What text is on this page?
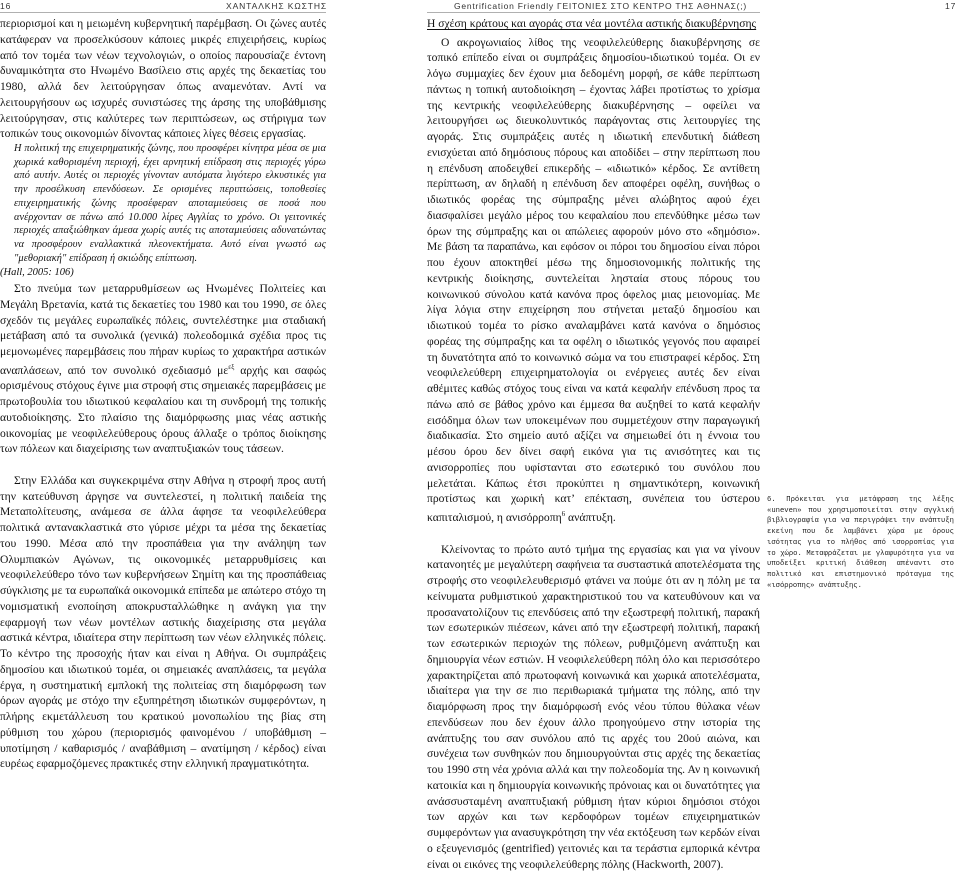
16	ΧΑΝΤΑΛΚΗΣ ΚΩΣΤΗΣ	Gentrification Friendly ΓΕΙΤΟΝΙΕΣ ΣΤΟ ΚΕΝΤΡΟ ΤΗΣ ΑΘΗΝΑΣ(;)	17

περιορισμοί και η μειωμένη κυβερνητική παρέμβαση. Οι ζώνες αυτές κατάφεραν να προσελκύσουν κάποιες μικρές επιχειρήσεις, κυρίως από τον τομέα των νέων τεχνολογιών, ο οποίος παρουσίαζε έντονη δυναμικότητα στο Ηνωμένο Βασίλειο στις αρχές της δεκαετίας του 1980, αλλά δεν λειτούργησαν όπως αναμενόταν. Αντί να λειτουργήσουν ως ισχυρές συνιστώσες της άρσης της υποβάθμισης λειτούργησαν, στις καλύτερες των περιπτώσεων, ως στήριγμα των τοπικών τους οικονομιών δίνοντας κάποιες λίγες θέσεις εργασίας.

Η πολιτική της επιχειρηματικής ζώνης, που προσφέρει κίνητρα μέσα σε μια χωρικά καθορισμένη περιοχή, έχει αρνητική επίδραση στις περιοχές γύρω από αυτήν. Αυτές οι περιοχές γίνονταν αυτόματα λιγότερο ελκυστικές για την προσέλκυση επενδύσεων. Σε ορισμένες περιπτώσεις, τοποθεσίες επιχειρηματικής ζώνης προσέφεραν αποταμιεύσεις σε ποσά που ανέρχονταν σε πάνω από 10.000 λίρες Αγγλίας το χρόνο. Οι γειτονικές περιοχές απαξιώθηκαν άμεσα χωρίς αυτές τις αποταμιεύσεις αδυνατώντας να προσφέρουν εναλλακτικά πλεονεκτήματα. Αυτό είναι γνωστό ως "μεθοριακή" επίδραση ή σκιώδης επίπτωση.

(Hall, 2005: 106)

Στο πνεύμα των μεταρρυθμίσεων ως Ηνωμένες Πολιτείες και Μεγάλη Βρετανία, κατά τις δεκαετίες του 1980 και του 1990, σε όλες σχεδόν τις μεγάλες ευρωπαϊκές πόλεις, συντελέστηκε μια σταδιακή μετάβαση από τα συνολικά (γενικά) πολεοδομικά σχέδια προς τις μεμονωμένες παρεμβάσεις που πήραν κυρίως το χαρακτήρα αστικών αναπλάσεων, από τον συνολικό σχεδιασμό $\mu\varepsilon^{\varepsilon\xi}$ αρχής και σαφώς ορισμένους στόχους έγινε μια στροφή στις σημειακές παρεμβάσεις με πρωτοβουλία του ιδιωτικού κεφαλαίου και τη συνδρομή της τοπικής αυτοδιοίκησης. Στο πλαίσιο της διαμόρφωσης μιας νέας αστικής οικονομίας με νεοφιλελεύθερους όρους άλλαξε ο τρόπος διοίκησης των πόλεων και διαχείρισης των αναπτυξιακών τους τάσεων.

Στην Ελλάδα και συγκεκριμένα στην Αθήνα η στροφή προς αυτή την κατεύθυνση άργησε να συντελεστεί, η πολιτική παιδεία της Μεταπολίτευσης, ανάμεσα σε άλλα άφησε τα νεοφιλελεύθερα πολιτικά αντανακλαστικά στο γύρισε μέχρι τα μέσα της δεκαετίας του 1990. Μέσα από την προσπάθεια για την ανάληψη των Ολυμπιακών Αγώνων, τις οικονομικές μεταρρυθμίσεις και νεοφιλελεύθερο τόνο των κυβερνήσεων Σημίτη και της προσπάθειας σύγκλισης με τα ευρωπαϊκά οικονομικά επίπεδα με απώτερο στόχο τη νομισματική ενοποίηση αποκρυσταλλώθηκε η ανάγκη για την εφαρμογή των νέων μοντέλων αστικής διαχείρισης στα μεγάλα αστικά κέντρα, ιδιαίτερα στην περίπτωση των νέων ελληνικές πόλεις. Το κέντρο της προσοχής ήταν και είναι η Αθήνα. Οι συμπράξεις δημοσίου και ιδιωτικού τομέα, οι σημειακές αναπλάσεις, τα μεγάλα έργα, η συστηματική εμπλοκή της πολιτείας στη διαμόρφωση των όρων αγοράς με στόχο την εξυπηρέτηση ιδιωτικών συμφερόντων, η πλήρης εκμετάλλευση του κρατικού μονοπωλίου της βίας στη ρύθμιση του χώρου (περιορισμός φαινομένου / υποβάθμιση – υποτίμηση / καθαρισμός / αναβάθμιση – ανατίμηση / κέρδος) είναι ευρέως εφαρμοζόμενες πρακτικές στην ελληνική πραγματικότητα.

Η σχέση κράτους και αγοράς στα νέα μοντέλα αστικής διακυβέρνησης

Ο ακρογωνιαίος λίθος της νεοφιλελεύθερης διακυβέρνησης σε τοπικό επίπεδο είναι οι συμπράξεις δημοσίου-ιδιωτικού τομέα. Οι εν λόγω συμμαχίες δεν έχουν μια δεδομένη μορφή, σε κάθε περίπτωση πάντως η τοπική αυτοδιοίκηση – έχοντας λάβει προτίστως το χρίσμα της κεντρικής νεοφιλελεύθερης διακυβέρνησης – οφείλει να λειτουργήσει ως διευκολυντικός παράγοντας στις λειτουργίες της αγοράς. Στις συμπράξεις αυτές η ιδιωτική επενδυτική διάθεση ενισχύεται από δημόσιους πόρους και αποδίδει – στην περίπτωση που η επένδυση αποδειχθεί επικερδής – «ιδιωτικό» κέρδος. Σε αντίθετη περίπτωση, αν δηλαδή η επένδυση δεν αποφέρει οφέλη, συνήθως ο ιδιωτικός φορέας της σύμπραξης μένει αλώβητος αφού έχει διασφαλίσει μεγάλο μέρος του κεφαλαίου που επενδύθηκε μέσω των όρων της σύμπραξης και οι απώλειες αφορούν μόνο στο «δημόσιο». Με βάση τα παραπάνω, και εφόσον οι πόροι του δημοσίου είναι πόροι που έχουν αποκτηθεί μέσω της δημοσιονομικής πολιτικής της κεντρικής διοίκησης, συντελείται λησταία στους πόρους του κοινωνικού σύνολου κατά κανόνα προς όφελος μιας μειονομίας. Με λίγα λόγια στην επιχείρηση που στήνεται μεταξύ δημοσίου και ιδιωτικού τομέα το ρίσκο αναλαμβάνει κατά κανόνα ο δημόσιος φορέας της σύμπραξης και τα οφέλη ο ιδιωτικός γεγονός που αφαιρεί τη δυνατότητα από το κοινωνικό σώμα να του επιστραφεί κέρδος. Στη νεοφιλελεύθερη επιχειρηματολογία οι ενέργειες αυτές δεν είναι αθέμιτες καθώς στόχος τους είναι να κατά κεφαλήν επένδυση προς τα πάνω από σε βάθος χρόνο και έμμεσα θα αυξηθεί το κατά κεφαλήν εισόδημα όλων των υποκειμένων που συμμετέχουν στην παραγωγική διαδικασία. Στο σημείο αυτό αξίζει να σημειωθεί ότι η έννοια του μέσου όρου δεν δίνει σαφή εικόνα για τις ανισότητες και τις ανισορροπίες που υφίστανται στο εσωτερικό του συνόλου που μελετάται. Κάπως έτσι προκύπτει η σημαντικότερη, κοινωνική προτίστως και χωρική κατ’ επέκταση, συνέπεια του ύστερου καπιταλισμού, η ανισόρροπη$^6$ ανάπτυξη.

Κλείνοντας το πρώτο αυτό τμήμα της εργασίας και για να γίνουν κατανοητές με μεγαλύτερη σαφήνεια τα συσταστικά αποτελέσματα της στροφής στο νεοφιλελευθερισμό φτάνει να πούμε ότι αν η πόλη με τα κείνυματα ρυθμιστικού χαρακτηριστικού του να κατευθύνουν και να προσανατολίζουν τις επενδύσεις από την εξωστρεφή πολιτική, παρακή των εσωτερικών πιέσεων, κάνει από την εξωστρεφή πολιτική, παρακή των εσωτερικών περιοχών της πόλεων, ρυθμιζόμενη ανάπτυξη και δημιουργία νέων εστιών. Η νεοφιλελεύθερη πόλη όλο και περισσότερο χαρακτηρίζεται από πρωτοφανή κοινωνικά και χωρικά αποτελέσματα, ιδιαίτερα για την σε πιο περιθωριακά τμήματα της πόλης, από την διαμόρφωση προς την διαμόρφωσή ενός νέου τύπου θύλακα νέων επενδύσεων που δεν έχουν άλλο προηγούμενο στην ιστορία της ανάπτυξης του σαν συνόλου από τις αρχές του 20ού αιώνα, και συνέχεια των συνθηκών που δημιουργούνται στις αρχές της δεκαετίας του 1990 στη νέα χρόνια αλλά και την πολεοδομία της. Αν η κοινωνική κατοικία και η δημιουργία κοινωνικής πρόνοιας και οι δυνατότητες για ανάσσυσταμένη αναπτυξιακή ρύθμιση ήταν κύριοι δημόσιοι στόχοι των αρχών και των κερδοφόρων τομέων επιχειρηματικών συμφερόντων για ανασυγκρότηση την νέα εκτόξευση των κερδών είναι ο εξευγενισμός (gentrified) γειτονιές και τα τεράστια εμπορικά κέντρα είναι οι εικόνες της νεοφιλελεύθερης πόλης (Hackworth, 2007).

6. Πρόκειται για μετάφραση της λέξης «uneven» που χρησιμοποιείται στην αγγλική βιβλιογραφία για να περιγράψει την ανάπτυξη εκείνη που δε λαμβάνει χώρα με όρους ισότητας για το πλήθος από ισορροπίας για το χώρο. Μεταφράζεται με γλαφυρότητα για να υποδείξει κριτική διάθεση απέναντι στο πολιτικό και επιστημονικό πρόταγμα της «ισόρροπης» ανάπτυξης.
